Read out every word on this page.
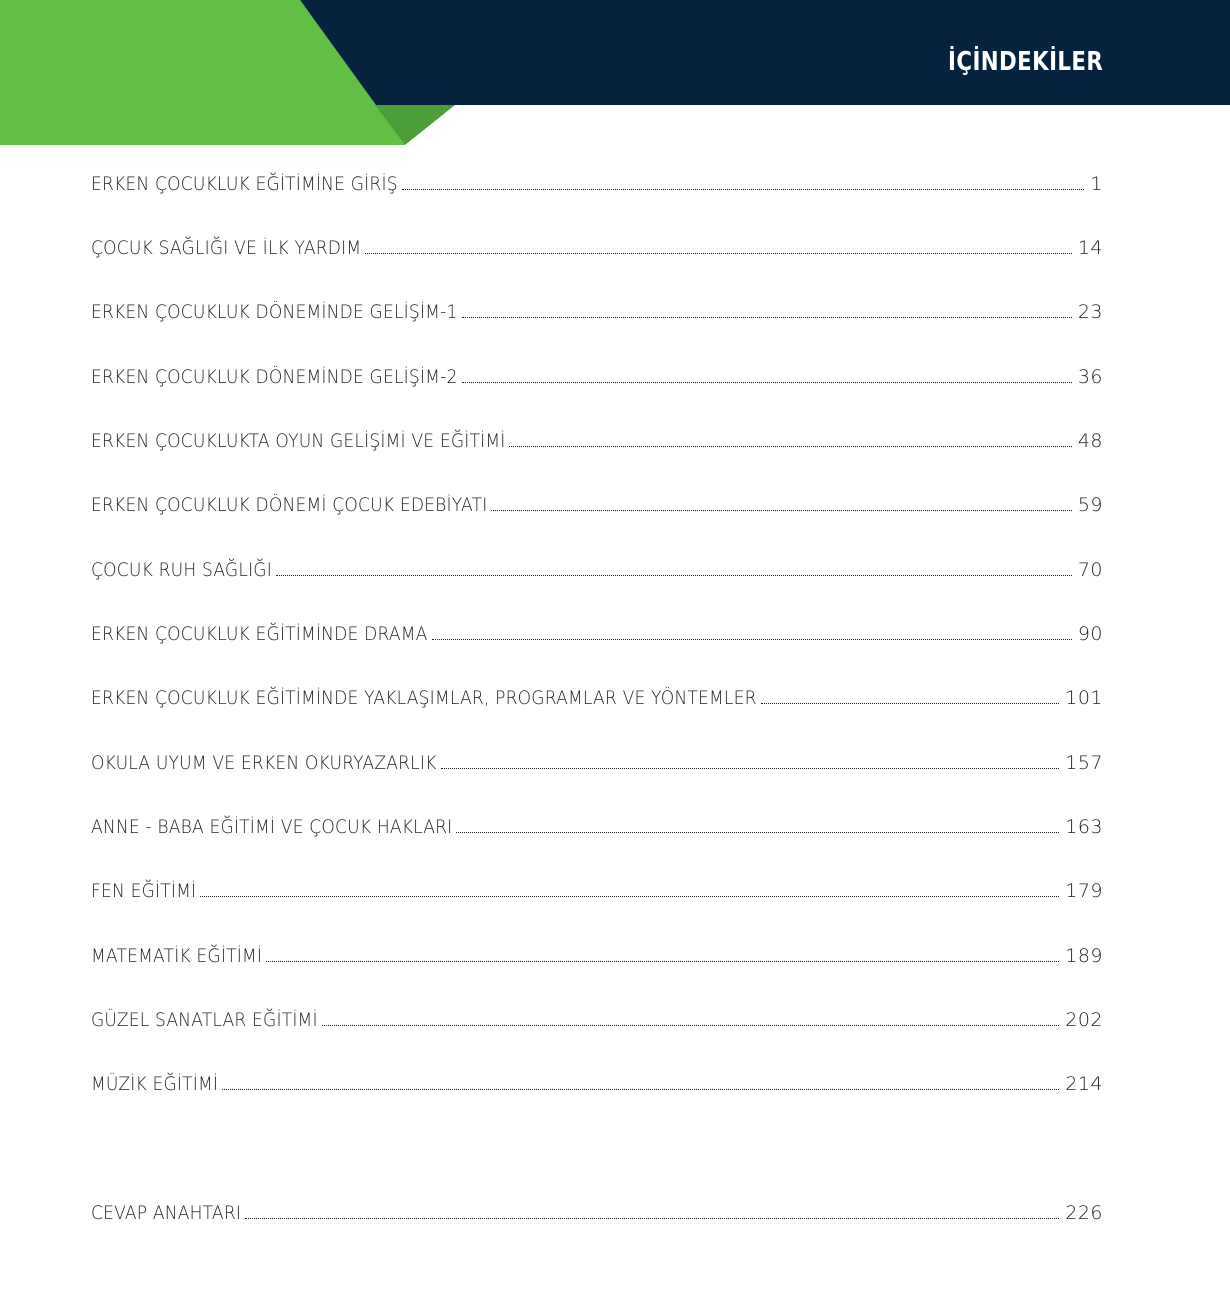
İÇİNDEKİLER
ERKEN ÇOCUKLUK EĞİTİMİNE GİRİŞ	1
ÇOCUK SAĞLIĞI VE İLK YARDIM	14
ERKEN ÇOCUKLUK DÖNEMİNDE GELİŞİM-1	23
ERKEN ÇOCUKLUK DÖNEMİNDE GELİŞİM-2	36
ERKEN ÇOCUKLUKTA OYUN GELİŞİMİ VE EĞİTİMİ	48
ERKEN ÇOCUKLUK DÖNEMİ ÇOCUK EDEBİYATI	59
ÇOCUK RUH SAĞLIĞI	70
ERKEN ÇOCUKLUK EĞİTİMİNDE DRAMA	90
ERKEN ÇOCUKLUK EĞİTİMİNDE YAKLAŞIMLAR, PROGRAMLAR VE YÖNTEMLER	101
OKULA UYUM VE ERKEN OKURYAZARLIK	157
ANNE - BABA EĞİTİMİ VE ÇOCUK HAKLARI	163
FEN EĞİTİMİ	179
MATEMATİK EĞİTİMİ	189
GÜZEL SANATLAR EĞİTİMİ	202
MÜZİK EĞİTİMİ	214
CEVAP ANAHTARI	226
